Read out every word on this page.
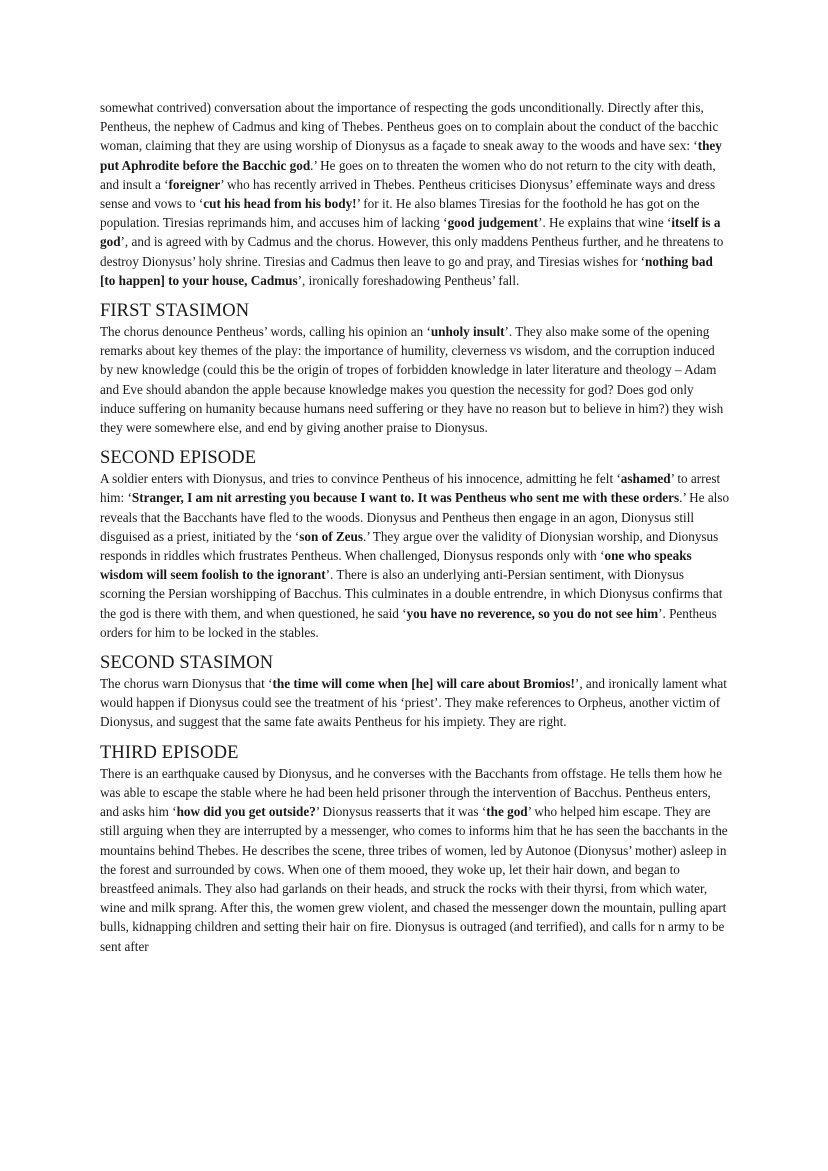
somewhat contrived) conversation about the importance of respecting the gods unconditionally. Directly after this, Pentheus, the nephew of Cadmus and king of Thebes. Pentheus goes on to complain about the conduct of the bacchic woman, claiming that they are using worship of Dionysus as a façade to sneak away to the woods and have sex: ‘they put Aphrodite before the Bacchic god.’ He goes on to threaten the women who do not return to the city with death, and insult a ‘foreigner’ who has recently arrived in Thebes. Pentheus criticises Dionysus’ effeminate ways and dress sense and vows to ‘cut his head from his body!’ for it. He also blames Tiresias for the foothold he has got on the population. Tiresias reprimands him, and accuses him of lacking ‘good judgement’. He explains that wine ‘itself is a god’, and is agreed with by Cadmus and the chorus. However, this only maddens Pentheus further, and he threatens to destroy Dionysus’ holy shrine. Tiresias and Cadmus then leave to go and pray, and Tiresias wishes for ‘nothing bad [to happen] to your house, Cadmus’, ironically foreshadowing Pentheus’ fall.

FIRST STASIMON

The chorus denounce Pentheus’ words, calling his opinion an ‘unholy insult’. They also make some of the opening remarks about key themes of the play: the importance of humility, cleverness vs wisdom, and the corruption induced by new knowledge (could this be the origin of tropes of forbidden knowledge in later literature and theology – Adam and Eve should abandon the apple because knowledge makes you question the necessity for god? Does god only induce suffering on humanity because humans need suffering or they have no reason but to believe in him?) they wish they were somewhere else, and end by giving another praise to Dionysus.

SECOND EPISODE

A soldier enters with Dionysus, and tries to convince Pentheus of his innocence, admitting he felt ‘ashamed’ to arrest him: ‘Stranger, I am nit arresting you because I want to. It was Pentheus who sent me with these orders.’ He also reveals that the Bacchants have fled to the woods. Dionysus and Pentheus then engage in an agon, Dionysus still disguised as a priest, initiated by the ‘son of Zeus.’ They argue over the validity of Dionysian worship, and Dionysus responds in riddles which frustrates Pentheus. When challenged, Dionysus responds only with ‘one who speaks wisdom will seem foolish to the ignorant’. There is also an underlying anti-Persian sentiment, with Dionysus scorning the Persian worshipping of Bacchus. This culminates in a double entrendre, in which Dionysus confirms that the god is there with them, and when questioned, he said ‘you have no reverence, so you do not see him’. Pentheus orders for him to be locked in the stables.

SECOND STASIMON

The chorus warn Dionysus that ‘the time will come when [he] will care about Bromios!’, and ironically lament what would happen if Dionysus could see the treatment of his ‘priest’. They make references to Orpheus, another victim of Dionysus, and suggest that the same fate awaits Pentheus for his impiety. They are right.

THIRD EPISODE

There is an earthquake caused by Dionysus, and he converses with the Bacchants from offstage. He tells them how he was able to escape the stable where he had been held prisoner through the intervention of Bacchus. Pentheus enters, and asks him ‘how did you get outside?’ Dionysus reasserts that it was ‘the god’ who helped him escape. They are still arguing when they are interrupted by a messenger, who comes to informs him that he has seen the bacchants in the mountains behind Thebes. He describes the scene, three tribes of women, led by Autonoe (Dionysus’ mother) asleep in the forest and surrounded by cows. When one of them mooed, they woke up, let their hair down, and began to breastfeed animals. They also had garlands on their heads, and struck the rocks with their thyrsi, from which water, wine and milk sprang. After this, the women grew violent, and chased the messenger down the mountain, pulling apart bulls, kidnapping children and setting their hair on fire. Dionysus is outraged (and terrified), and calls for n army to be sent after
